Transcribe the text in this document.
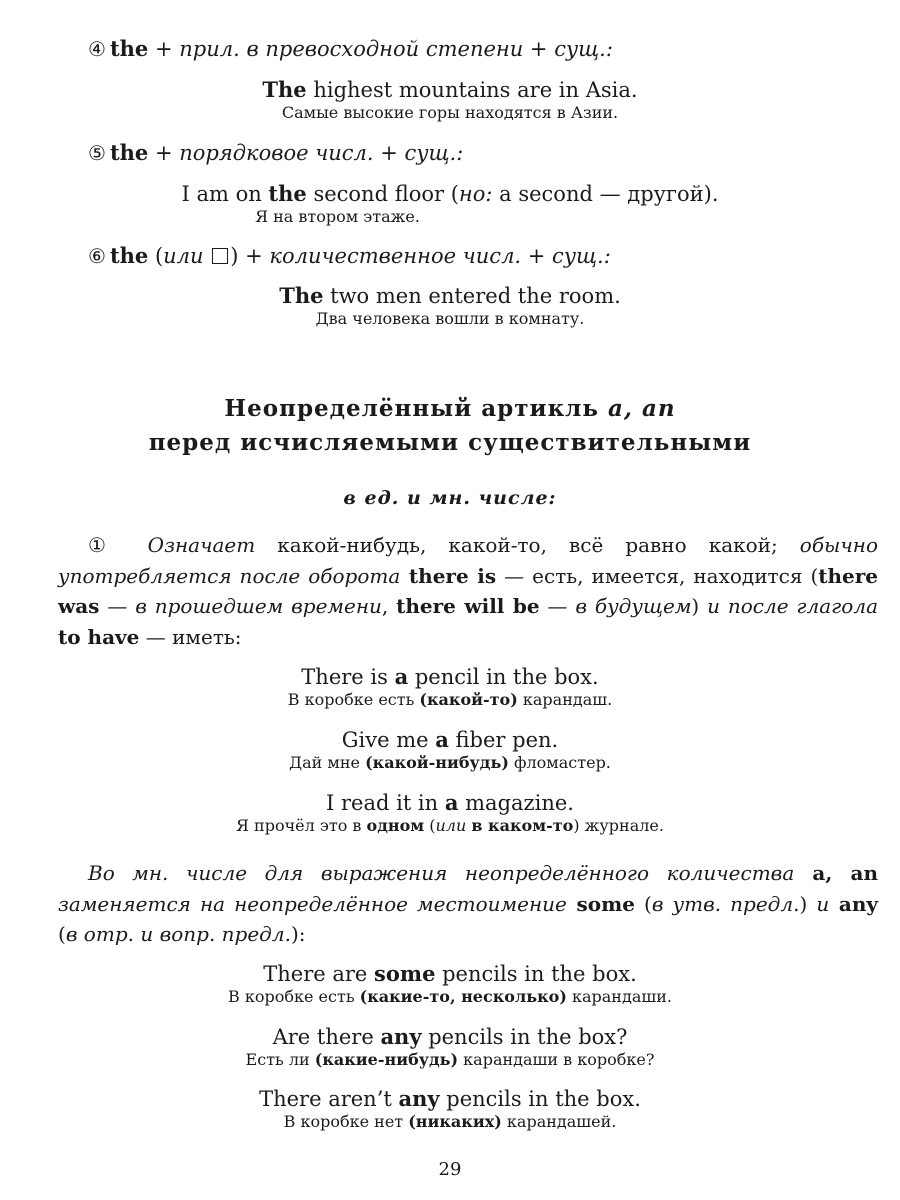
④ the + прил. в превосходной степени + сущ.:
The highest mountains are in Asia.
Самые высокие горы находятся в Азии.
⑤ the + порядковое числ. + сущ.:
I am on the second floor (но: a second — другой).
Я на втором этаже.
⑥ the (или ) + количественное числ. + сущ.:
The two men entered the room.
Два человека вошли в комнату.
Неопределённый артикль a, an
перед исчисляемыми существительными
в ед. и мн. числе:
① Означает какой-нибудь, какой-то, всё равно какой; обычно употребляется после оборота there is — есть, имеется, находится (there was — в прошедшем времени, there will be — в будущем) и после глагола to have — иметь:
There is a pencil in the box.
В коробке есть (какой-то) карандаш.
Give me a fiber pen.
Дай мне (какой-нибудь) фломастер.
I read it in a magazine.
Я прочёл это в одном (или в каком-то) журнале.
Во мн. числе для выражения неопределённого количества a, an заменяется на неопределённое местоимение some (в утв. предл.) и any (в отр. и вопр. предл.):
There are some pencils in the box.
В коробке есть (какие-то, несколько) карандаши.
Are there any pencils in the box?
Есть ли (какие-нибудь) карандаши в коробке?
There aren’t any pencils in the box.
В коробке нет (никаких) карандашей.
29
